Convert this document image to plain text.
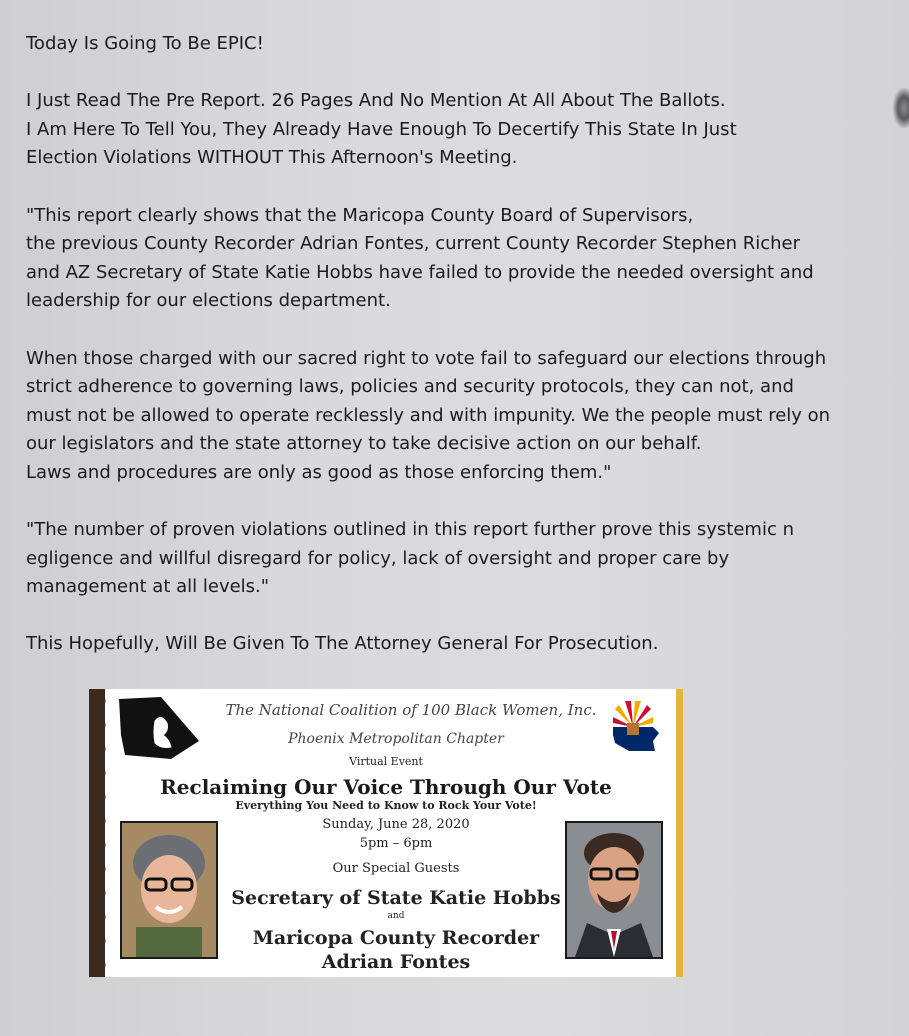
Today Is Going To Be EPIC!

I Just Read The Pre Report. 26 Pages And No Mention At All About The Ballots.
I Am Here To Tell You, They Already Have Enough To Decertify This State In Just
Election Violations WITHOUT This Afternoon's Meeting.

"This report clearly shows that the Maricopa County Board of Supervisors,
the previous County Recorder Adrian Fontes, current County Recorder Stephen Richer
and AZ Secretary of State Katie Hobbs have failed to provide the needed oversight and
leadership for our elections department.

When those charged with our sacred right to vote fail to safeguard our elections through
strict adherence to governing laws, policies and security protocols, they can not, and
must not be allowed to operate recklessly and with impunity. We the people must rely on
our legislators and the state attorney to take decisive action on our behalf.
Laws and procedures are only as good as those enforcing them."

"The number of proven violations outlined in this report further prove this systemic n
egligence and willful disregard for policy, lack of oversight and proper care by
management at all levels."

This Hopefully, Will Be Given To The Attorney General For Prosecution.

The National Coalition of 100 Black Women, Inc.
Phoenix Metropolitan Chapter
Virtual Event
Reclaiming Our Voice Through Our Vote
Everything You Need to Know to Rock Your Vote!
Sunday, June 28, 2020
5pm – 6pm
Our Special Guests
Secretary of State Katie Hobbs
and
Maricopa County Recorder
Adrian Fontes
